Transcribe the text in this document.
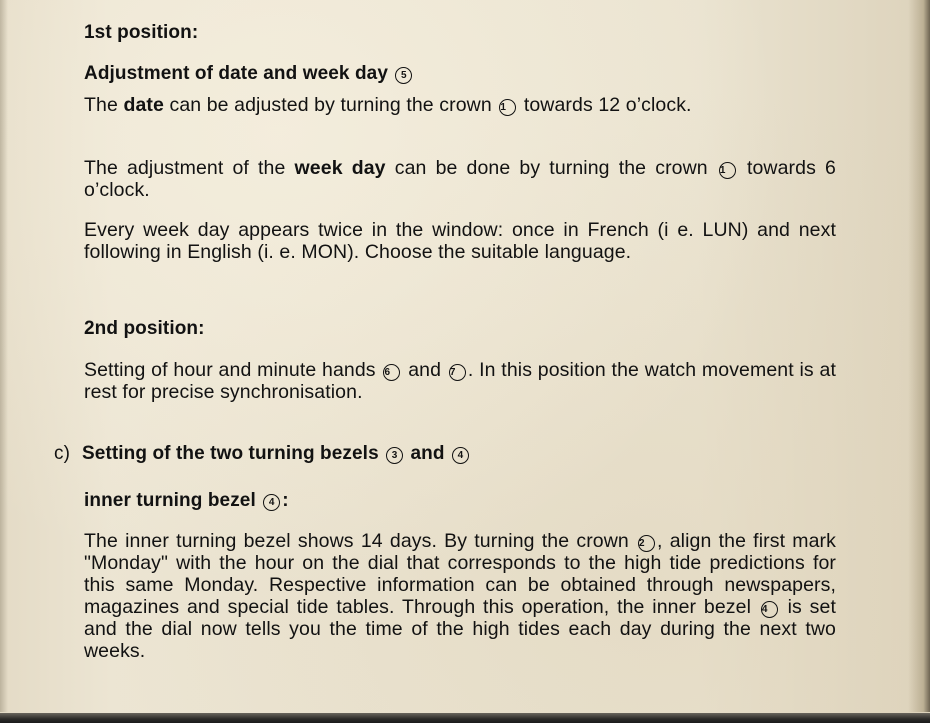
1st position:
Adjustment of date and week day 5

The date can be adjusted by turning the crown 1 towards 12 o’clock.

The adjustment of the week day can be done by turning the crown 1 towards 6 o’clock.

Every week day appears twice in the window: once in French (i e. LUN) and next following in English (i. e. MON). Choose the suitable language.

2nd position:

Setting of hour and minute hands 6 and 7 . In this position the watch movement is at rest for precise synchronisation.

c) Setting of the two turning bezels 3 and 4
inner turning bezel 4 :

The inner turning bezel shows 14 days. By turning the crown 2 , align the first mark "Monday" with the hour on the dial that corresponds to the high tide predictions for this same Monday. Respective information can be obtained through newspapers, magazines and special tide tables. Through this operation, the inner bezel 4 is set and the dial now tells you the time of the high tides each day during the next two weeks.
